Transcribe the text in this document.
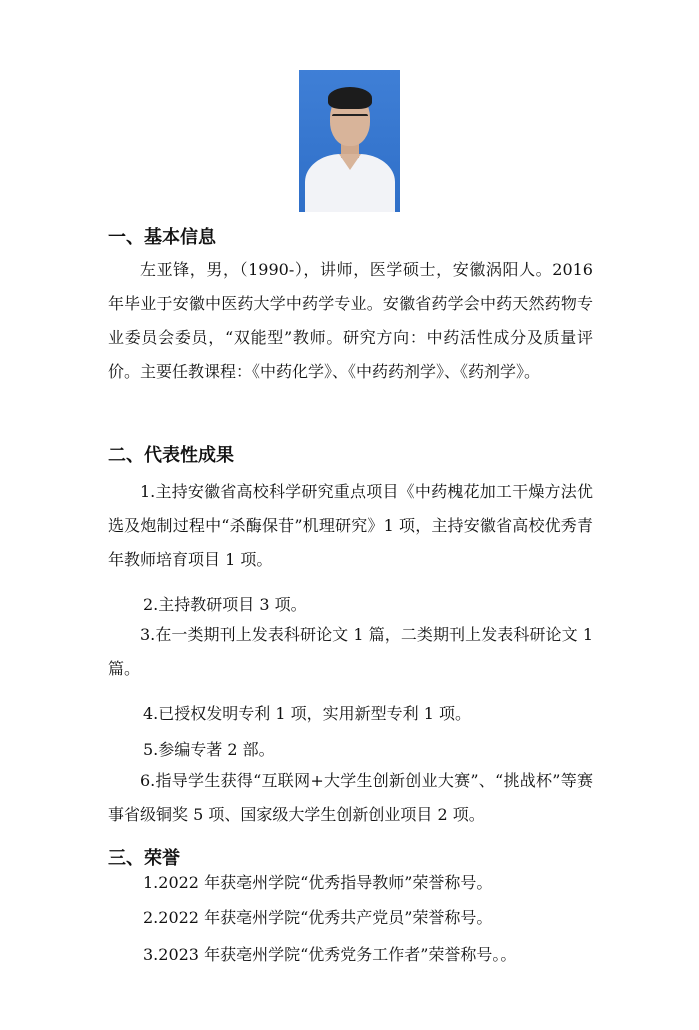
一、基本信息

左亚锋，男，（1990-），讲师，医学硕士，安徽涡阳人。2016 年毕业于安徽中医药大学中药学专业。安徽省药学会中药天然药物专业委员会委员，“双能型”教师。研究方向：中药活性成分及质量评价。主要任教课程：《中药化学》、《中药药剂学》、《药剂学》。

二、代表性成果

1.主持安徽省高校科学研究重点项目《中药槐花加工干燥方法优选及炮制过程中“杀酶保苷”机理研究》1 项，主持安徽省高校优秀青年教师培育项目 1 项。

2.主持教研项目 3 项。

3.在一类期刊上发表科研论文 1 篇，二类期刊上发表科研论文 1 篇。

4.已授权发明专利 1 项，实用新型专利 1 项。
5.参编专著 2 部。

6.指导学生获得“互联网+大学生创新创业大赛”、“挑战杯”等赛事省级铜奖 5 项、国家级大学生创新创业项目 2 项。

三、荣誉
1.2022 年获亳州学院“优秀指导教师”荣誉称号。
2.2022 年获亳州学院“优秀共产党员”荣誉称号。
3.2023 年获亳州学院“优秀党务工作者”荣誉称号。。
